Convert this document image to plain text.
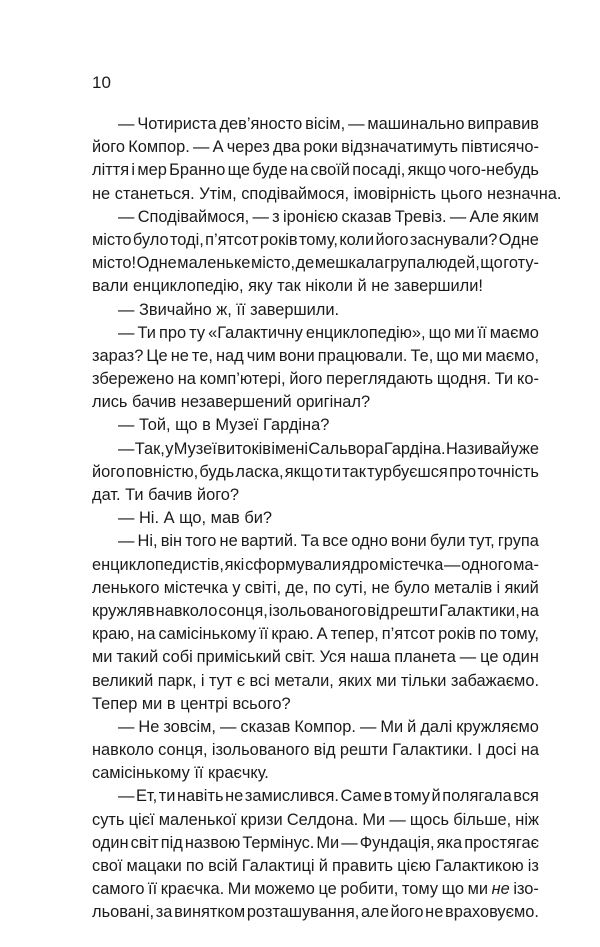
10
— Чотириста дев’яносто вісім, — машинально виправив
його Компор. — А через два роки відзначатимуть півтисячо-
ліття і мер Бранно ще буде на своїй посаді, якщо чого-небудь
не станеться. Утім, сподіваймося, імовірність цього незначна.
— Сподіваймося, — з іронією сказав Тревіз. — Але яким
місто було тоді, п’ятсот років тому, коли його заснували? Одне
місто! Одне маленьке місто, де мешкала група людей, що готу-
вали енциклопедію, яку так ніколи й не завершили!
— Звичайно ж, її завершили.
— Ти про ту «Галактичну енциклопедію», що ми її маємо
зараз? Це не те, над чим вони працювали. Те, що ми маємо,
збережено на комп’ютері, його переглядають щодня. Ти ко-
лись бачив незавершений оригінал?
— Той, що в Музеї Гардіна?
— Так, у Музеї витоків імені Сальвора Гардіна. Називай уже
його повністю, будь ласка, якщо ти так турбуєшся про точність
дат. Ти бачив його?
— Ні. А що, мав би?
— Ні, він того не вартий. Та все одно вони були тут, група
енциклопедистів, які сформували ядро містечка — одного ма-
ленького містечка у світі, де, по суті, не було металів і який
кружляв навколо сонця, ізольованого від решти Галактики, на
краю, на самісінькому її краю. А тепер, п’ятсот років по тому,
ми такий собі приміський світ. Уся наша планета — це один
великий парк, і тут є всі метали, яких ми тільки забажаємо.
Тепер ми в центрі всього?
— Не зовсім, — сказав Компор. — Ми й далі кружляємо
навколо сонця, ізольованого від решти Галактики. І досі на
самісінькому її краєчку.
— Ет, ти навіть не замислився. Саме в тому й полягала вся
суть цієї маленької кризи Селдона. Ми — щось більше, ніж
один світ під назвою Термінус. Ми — Фундація, яка простягає
свої мацаки по всій Галактиці й править цією Галактикою із
самого її краєчка. Ми можемо це робити, тому що ми не ізо-
льовані, за винятком розташування, але його не враховуємо.
